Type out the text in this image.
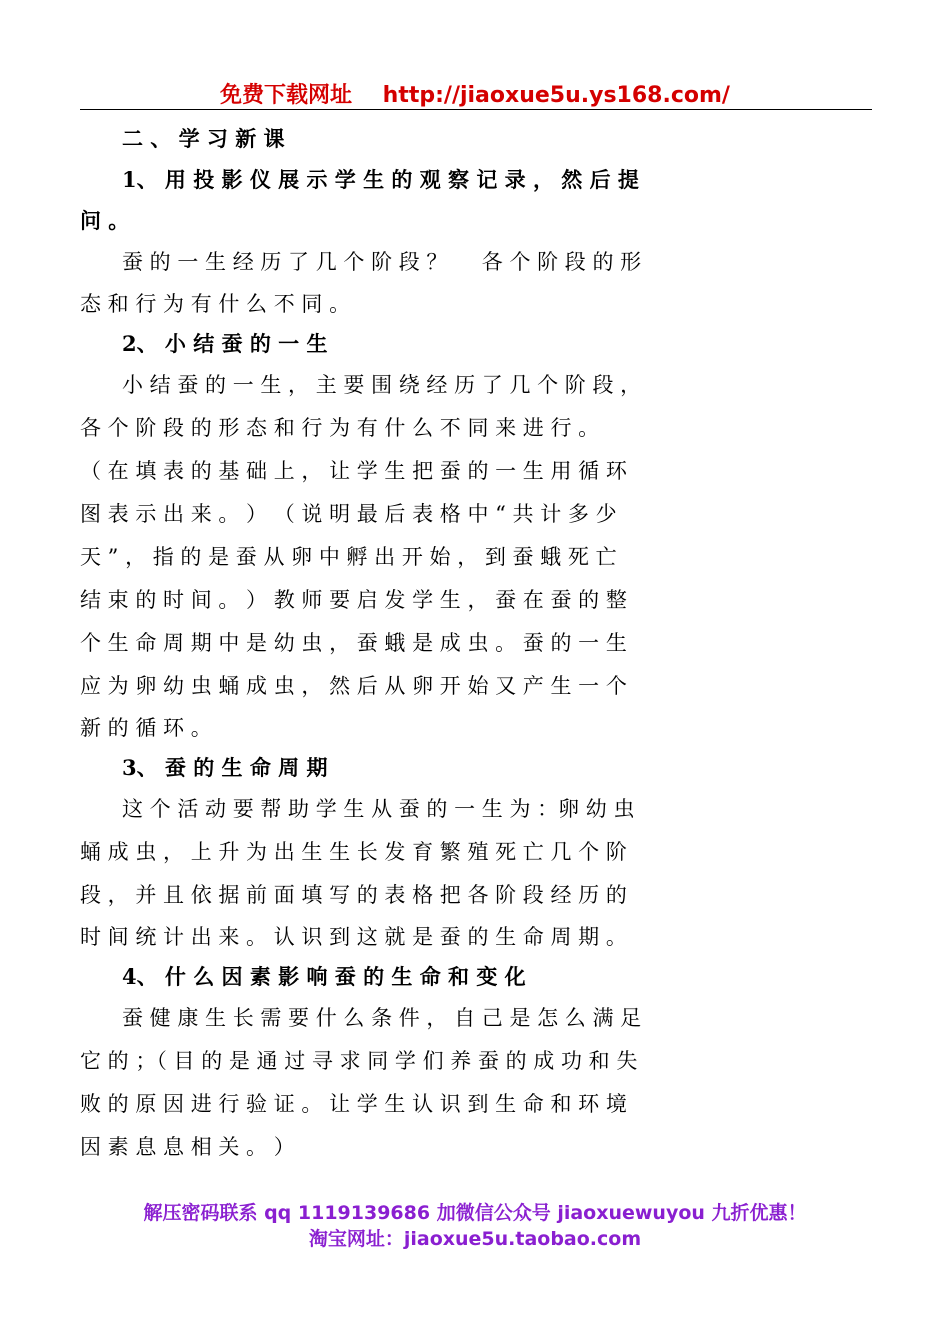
免费下载网址    http://jiaoxue5u.ys168.com/
　　二 、 学 习 新 课
　　1、 用 投 影 仪 展 示 学 生 的 观 察 记 录 ， 然 后 提
问 。
　　蚕 的 一 生 经 历 了 几 个 阶 段 ？ 　 各 个 阶 段 的 形
态 和 行 为 有 什 么 不 同 。
　　2、 小 结 蚕 的 一 生
　　小 结 蚕 的 一 生 ， 主 要 围 绕 经 历 了 几 个 阶 段 ，
各 个 阶 段 的 形 态 和 行 为 有 什 么 不 同 来 进 行 。
（ 在 填 表 的 基 础 上 ， 让 学 生 把 蚕 的 一 生 用 循 环
图 表 示 出 来 。 ） （ 说 明 最 后 表 格 中 “ 共 计 多 少
天 ” ， 指 的 是 蚕 从 卵 中 孵 出 开 始 ， 到 蚕 蛾 死 亡
结 束 的 时 间 。 ） 教 师 要 启 发 学 生 ， 蚕 在 蚕 的 整
个 生 命 周 期 中 是 幼 虫 ， 蚕 蛾 是 成 虫 。 蚕 的 一 生
应 为 卵 幼 虫 蛹 成 虫 ， 然 后 从 卵 开 始 又 产 生 一 个
新 的 循 环 。
　　3、 蚕 的 生 命 周 期
　　这 个 活 动 要 帮 助 学 生 从 蚕 的 一 生 为 ：卵 幼 虫
蛹 成 虫 ， 上 升 为 出 生 生 长 发 育 繁 殖 死 亡 几 个 阶
段 ， 并 且 依 据 前 面 填 写 的 表 格 把 各 阶 段 经 历 的
时 间 统 计 出 来 。 认 识 到 这 就 是 蚕 的 生 命 周 期 。
　　4、 什 么 因 素 影 响 蚕 的 生 命 和 变 化
　　蚕 健 康 生 长 需 要 什 么 条 件 ， 自 己 是 怎 么 满 足
它 的 ；（ 目 的 是 通 过 寻 求 同 学 们 养 蚕 的 成 功 和 失
败 的 原 因 进 行 验 证 。 让 学 生 认 识 到 生 命 和 环 境
因 素 息 息 相 关 。 ）
解压密码联系 qq 1119139686 加微信公众号 jiaoxuewuyou 九折优惠！
淘宝网址：jiaoxue5u.taobao.com
